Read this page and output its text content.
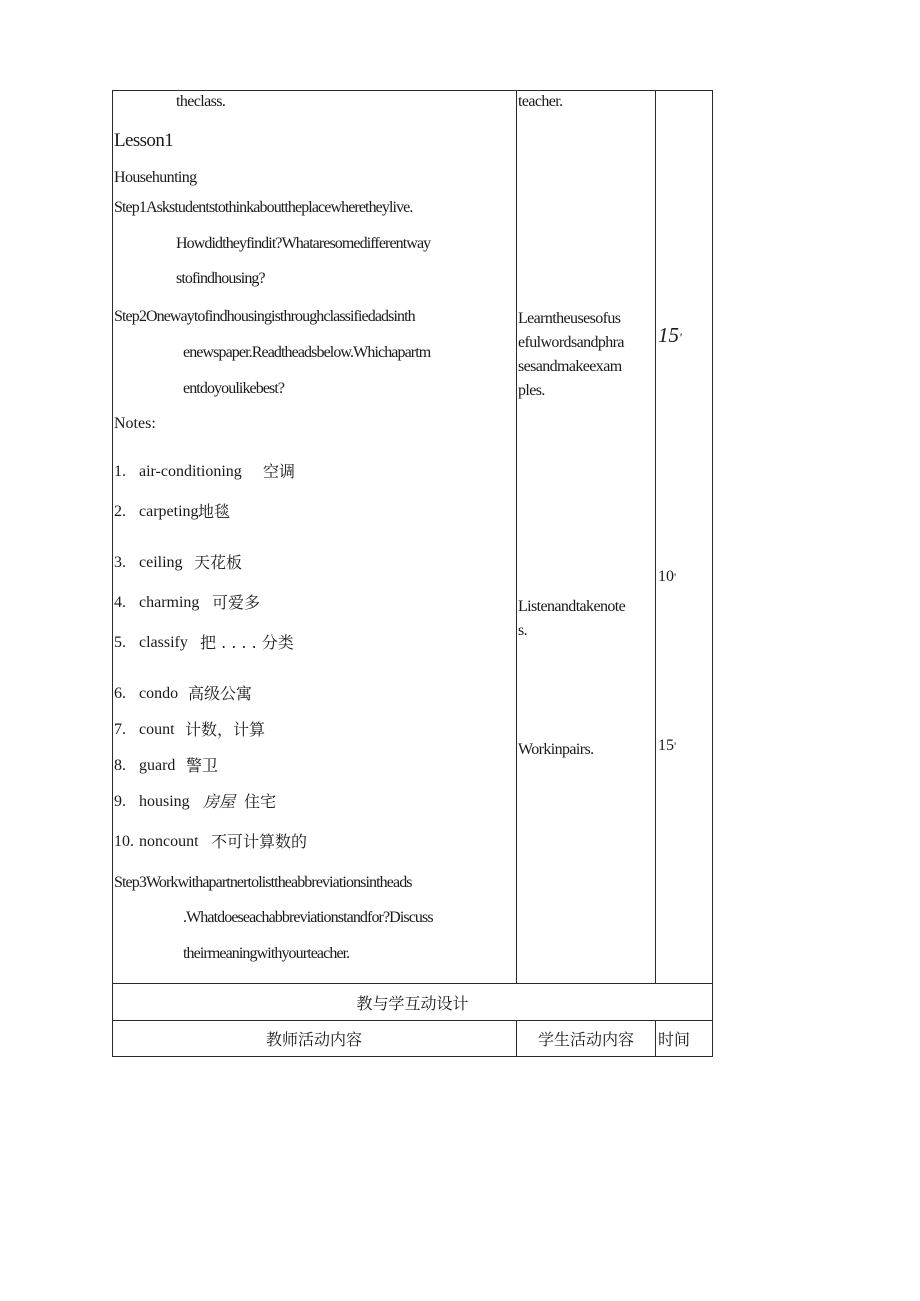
theclass.
Lesson1
Househunting
Step1Askstudentstothinkabouttheplacewheretheylive.
Howdidtheyfindit?Whataresomedifferentway
stofindhousing?
Step2Onewaytofindhousingisthroughclassifiedadsinth
enewspaper.Readtheadsbelow.Whichapartm
entdoyoulikebest?
Notes:
1. air-conditioning 空调
2. carpeting 地毯
3. ceiling 天花板
4. charming 可爱多
5. classify 把 . . . . 分类
6. condo 高级公寓
7. count 计数，计算
8. guard 警卫
9. housing 房屋 住宅
10. noncount 不可计算数的
Step3Workwithapartnertolisttheabbreviationsintheads
.Whatdoeseachabbreviationstandfor?Discuss
theirmeaningwithyourteacher.
teacher.
Learntheusesofus
efulwordsandphra
sesandmakeexam
ples.
Listenandtakenote
s.
Workinpairs.
15'
10'
15'
教与学互动设计
教师活动内容	学生活动内容	时间
